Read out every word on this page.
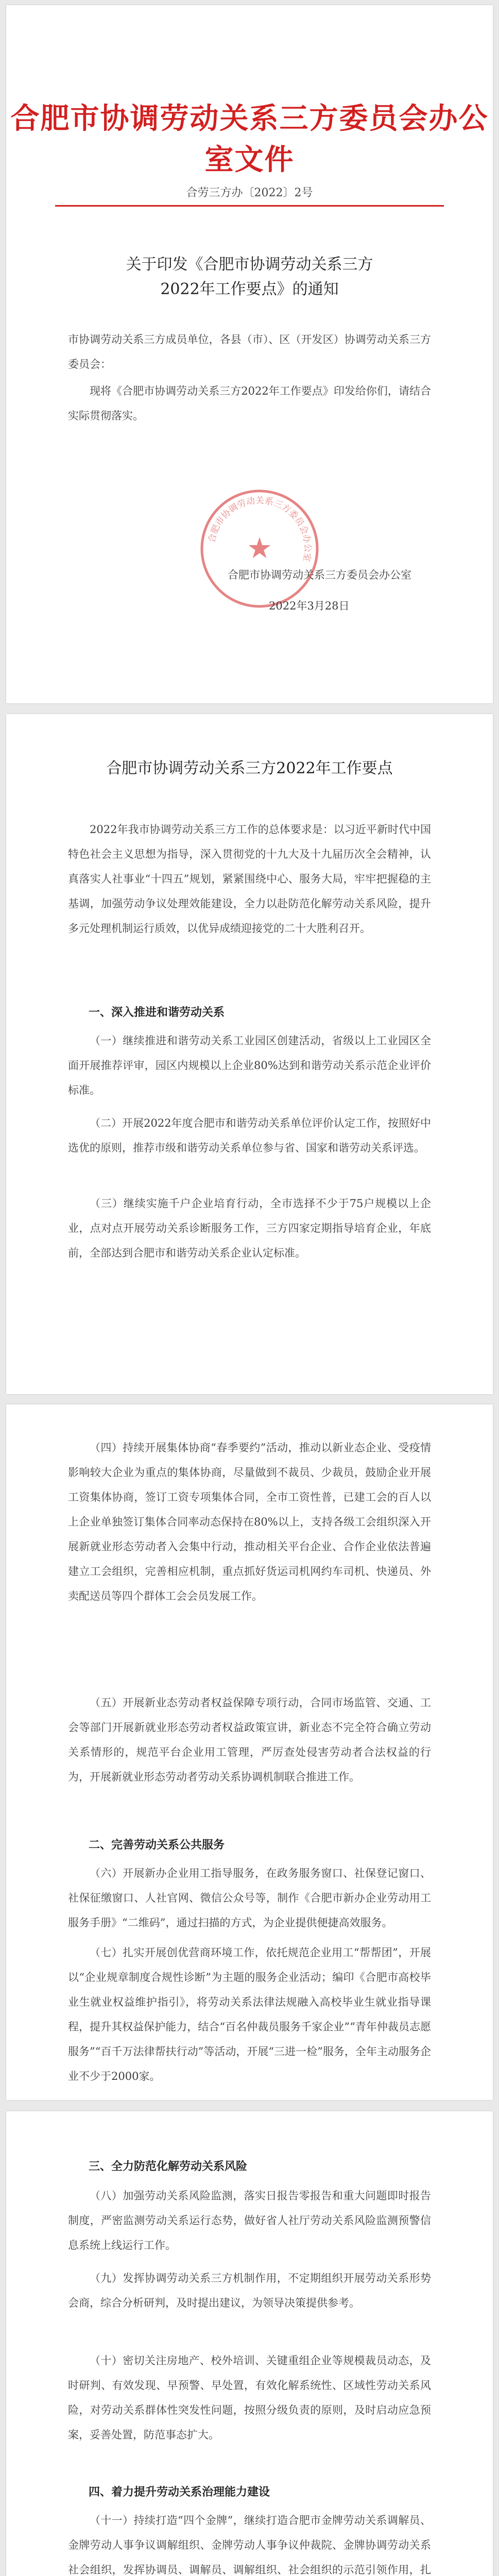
合肥市协调劳动关系三方委员会办公室文件
合劳三方办〔2022〕2号
关于印发《合肥市协调劳动关系三方
2022年工作要点》的通知

市协调劳动关系三方成员单位，各县（市）、区（开发区）协调劳动关系三方委员会：

现将《合肥市协调劳动关系三方2022年工作要点》印发给你们，请结合实际贯彻落实。

合肥市协调劳动关系三方委员会办公室
★
合肥市协调劳动关系三方委员会办公室
2022年3月28日
合肥市协调劳动关系三方2022年工作要点

2022年我市协调劳动关系三方工作的总体要求是：以习近平新时代中国特色社会主义思想为指导，深入贯彻党的十九大及十九届历次全会精神，认真落实人社事业“十四五”规划，紧紧围绕中心、服务大局，牢牢把握稳的主基调，加强劳动争议处理效能建设，全力以赴防范化解劳动关系风险，提升多元处理机制运行质效，以优异成绩迎接党的二十大胜利召开。

一、深入推进和谐劳动关系

（一）继续推进和谐劳动关系工业园区创建活动，省级以上工业园区全面开展推荐评审，园区内规模以上企业80%达到和谐劳动关系示范企业评价标准。

（二）开展2022年度合肥市和谐劳动关系单位评价认定工作，按照好中选优的原则，推荐市级和谐劳动关系单位参与省、国家和谐劳动关系评选。

（三）继续实施千户企业培育行动，全市选择不少于75户规模以上企业，点对点开展劳动关系诊断服务工作，三方四家定期指导培育企业，年底前，全部达到合肥市和谐劳动关系企业认定标准。

（四）持续开展集体协商“春季要约”活动，推动以新业态企业、受疫情影响较大企业为重点的集体协商，尽量做到不裁员、少裁员，鼓励企业开展工资集体协商，签订工资专项集体合同，全市工资性普，已建工会的百人以上企业单独签订集体合同率动态保持在80%以上，支持各级工会组织深入开展新就业形态劳动者入会集中行动，推动相关平台企业、合作企业依法普遍建立工会组织，完善相应机制，重点抓好货运司机网约车司机、快递员、外卖配送员等四个群体工会会员发展工作。

（五）开展新业态劳动者权益保障专项行动，合同市场监管、交通、工会等部门开展新就业形态劳动者权益政策宣讲，新业态不完全符合确立劳动关系情形的，规范平台企业用工管理，严厉查处侵害劳动者合法权益的行为，开展新就业形态劳动者劳动关系协调机制联合推进工作。

二、完善劳动关系公共服务

（六）开展新办企业用工指导服务，在政务服务窗口、社保登记窗口、社保征缴窗口、人社官网、微信公众号等，制作《合肥市新办企业劳动用工服务手册》“二维码”，通过扫描的方式，为企业提供便捷高效服务。

（七）扎实开展创优营商环境工作，依托规范企业用工“帮帮团”，开展以“企业规章制度合规性诊断”为主题的服务企业活动；编印《合肥市高校毕业生就业权益维护指引》，将劳动关系法律法规融入高校毕业生就业指导课程，提升其权益保护能力，结合“百名仲裁员服务千家企业”“青年仲裁员志愿服务”“百千万法律帮扶行动”等活动，开展“三进一检”服务，全年主动服务企业不少于2000家。

三、全力防范化解劳动关系风险

（八）加强劳动关系风险监测，落实日报告零报告和重大问题即时报告制度，严密监测劳动关系运行态势，做好省人社厅劳动关系风险监测预警信息系统上线运行工作。

（九）发挥协调劳动关系三方机制作用，不定期组织开展劳动关系形势会商，综合分析研判，及时提出建议，为领导决策提供参考。

（十）密切关注房地产、校外培训、关键重组企业等规模裁员动态，及时研判、有效发现、早预警、早处置，有效化解系统性、区域性劳动关系风险，对劳动关系群体性突发性问题，按照分级负责的原则，及时启动应急预案，妥善处置，防范事态扩大。

四、着力提升劳动关系治理能力建设

（十一）持续打造“四个金牌”，继续打造合肥市金牌劳动关系调解员、金牌劳动人事争议调解组织、金牌劳动人事争议仲裁院、金牌协调劳动关系社会组织，发挥协调员、调解员、调解组织、社会组织的示范引领作用，扎
